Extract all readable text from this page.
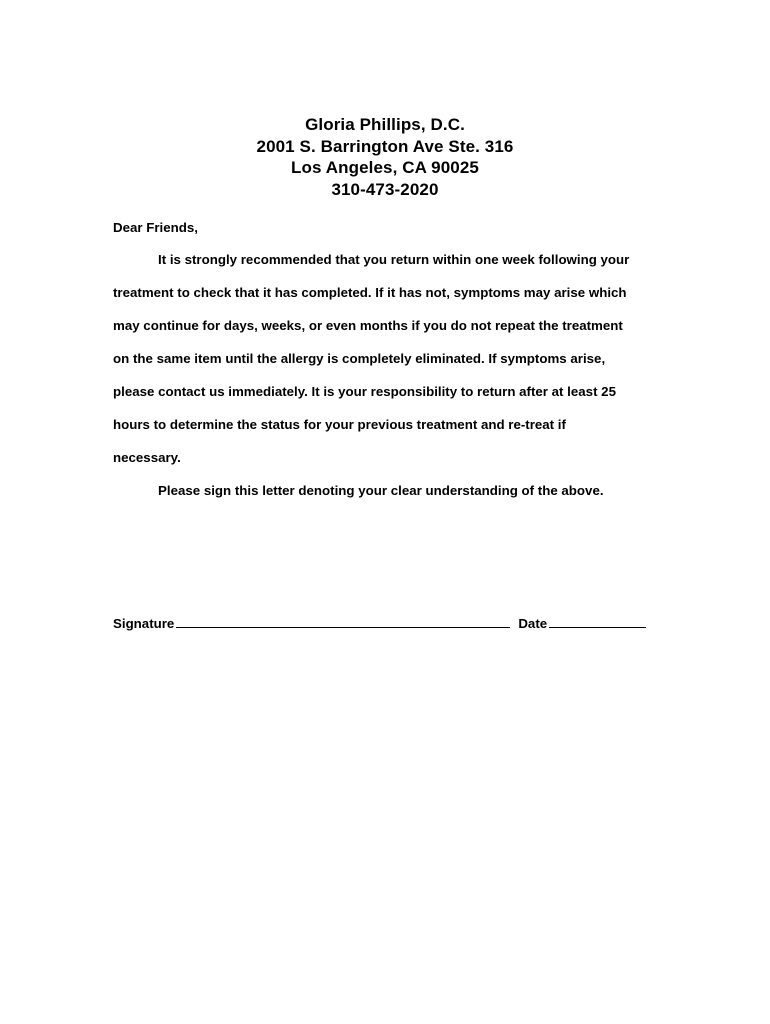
Gloria Phillips, D.C.
2001 S. Barrington Ave Ste. 316
Los Angeles, CA 90025
310-473-2020
Dear Friends,
It is strongly recommended that you return within one week following your
treatment to check that it has completed. If it has not, symptoms may arise which
may continue for days, weeks, or even months if you do not repeat the treatment
on the same item until the allergy is completely eliminated. If symptoms arise,
please contact us immediately. It is your responsibility to return after at least 25
hours to determine the status for your previous treatment and re-treat if
necessary.
Please sign this letter denoting your clear understanding of the above.
Signature	Date
